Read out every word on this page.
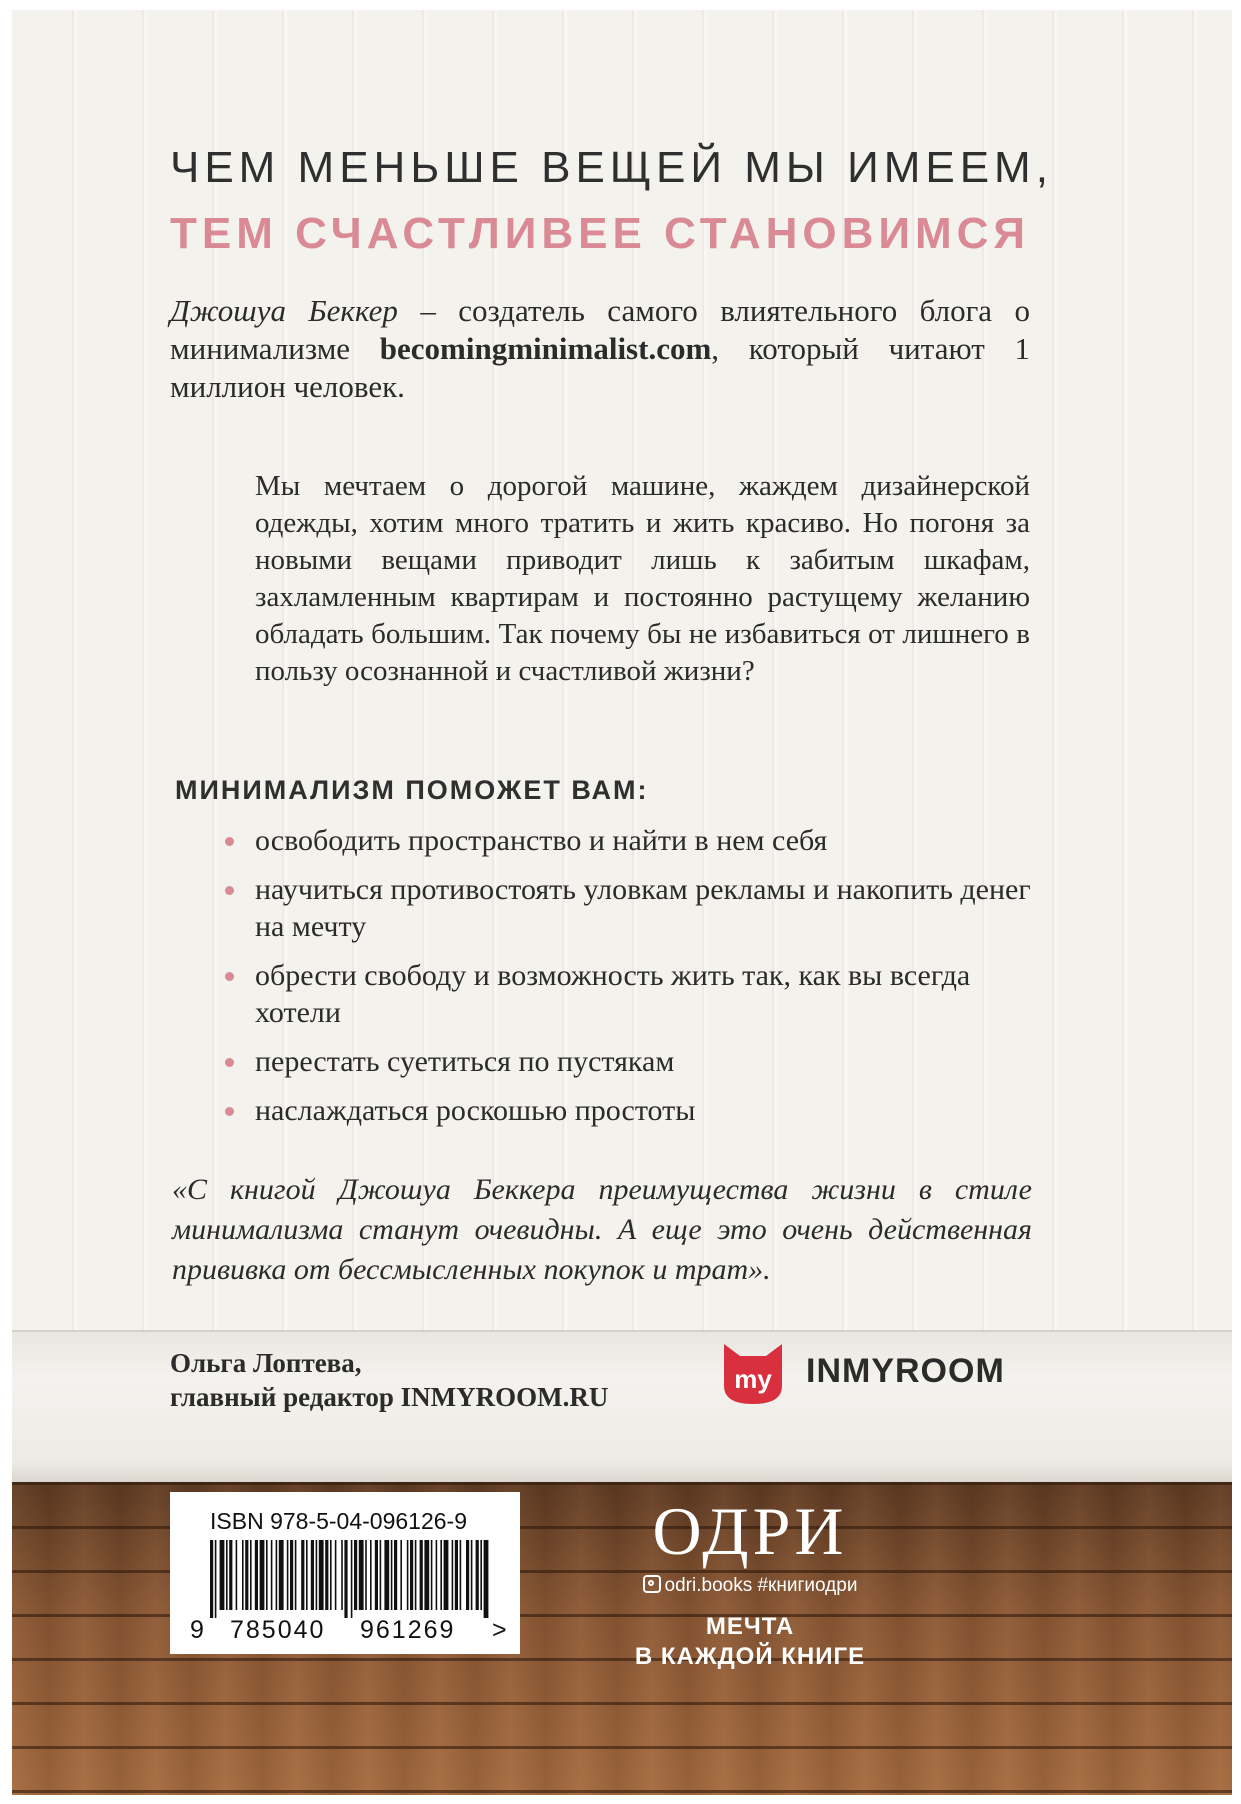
ЧЕМ МЕНЬШЕ ВЕЩЕЙ МЫ ИМЕЕМ,
ТЕМ СЧАСТЛИВЕЕ СТАНОВИМСЯ
Джошуа Беккер – создатель самого влиятельного блога о минимализме becomingminimalist.com, который читают 1 миллион человек.
Мы мечтаем о дорогой машине, жаждем дизайнерской одежды, хотим много тратить и жить красиво. Но погоня за новыми вещами приводит лишь к забитым шкафам, захламленным квартирам и постоянно растущему желанию обладать большим. Так почему бы не избавиться от лишнего в пользу осознанной и счастливой жизни?
МИНИМАЛИЗМ ПОМОЖЕТ ВАМ:
освободить пространство и найти в нем себя
научиться противостоять уловкам рекламы и накопить денег на мечту
обрести свободу и возможность жить так, как вы всегда хотели
перестать суетиться по пустякам
наслаждаться роскошью простоты
«С книгой Джошуа Беккера преимущества жизни в стиле минимализма станут очевидны. А еще это очень действенная прививка от бессмысленных покупок и трат».
Ольга Лоптева,
главный редактор INMYROOM.RU
my INMYROOM
ISBN 978-5-04-096126-9
9 785040 961269 >
ОДРИ
odri.books #книгиодри
МЕЧТА
В КАЖДОЙ КНИГЕ
